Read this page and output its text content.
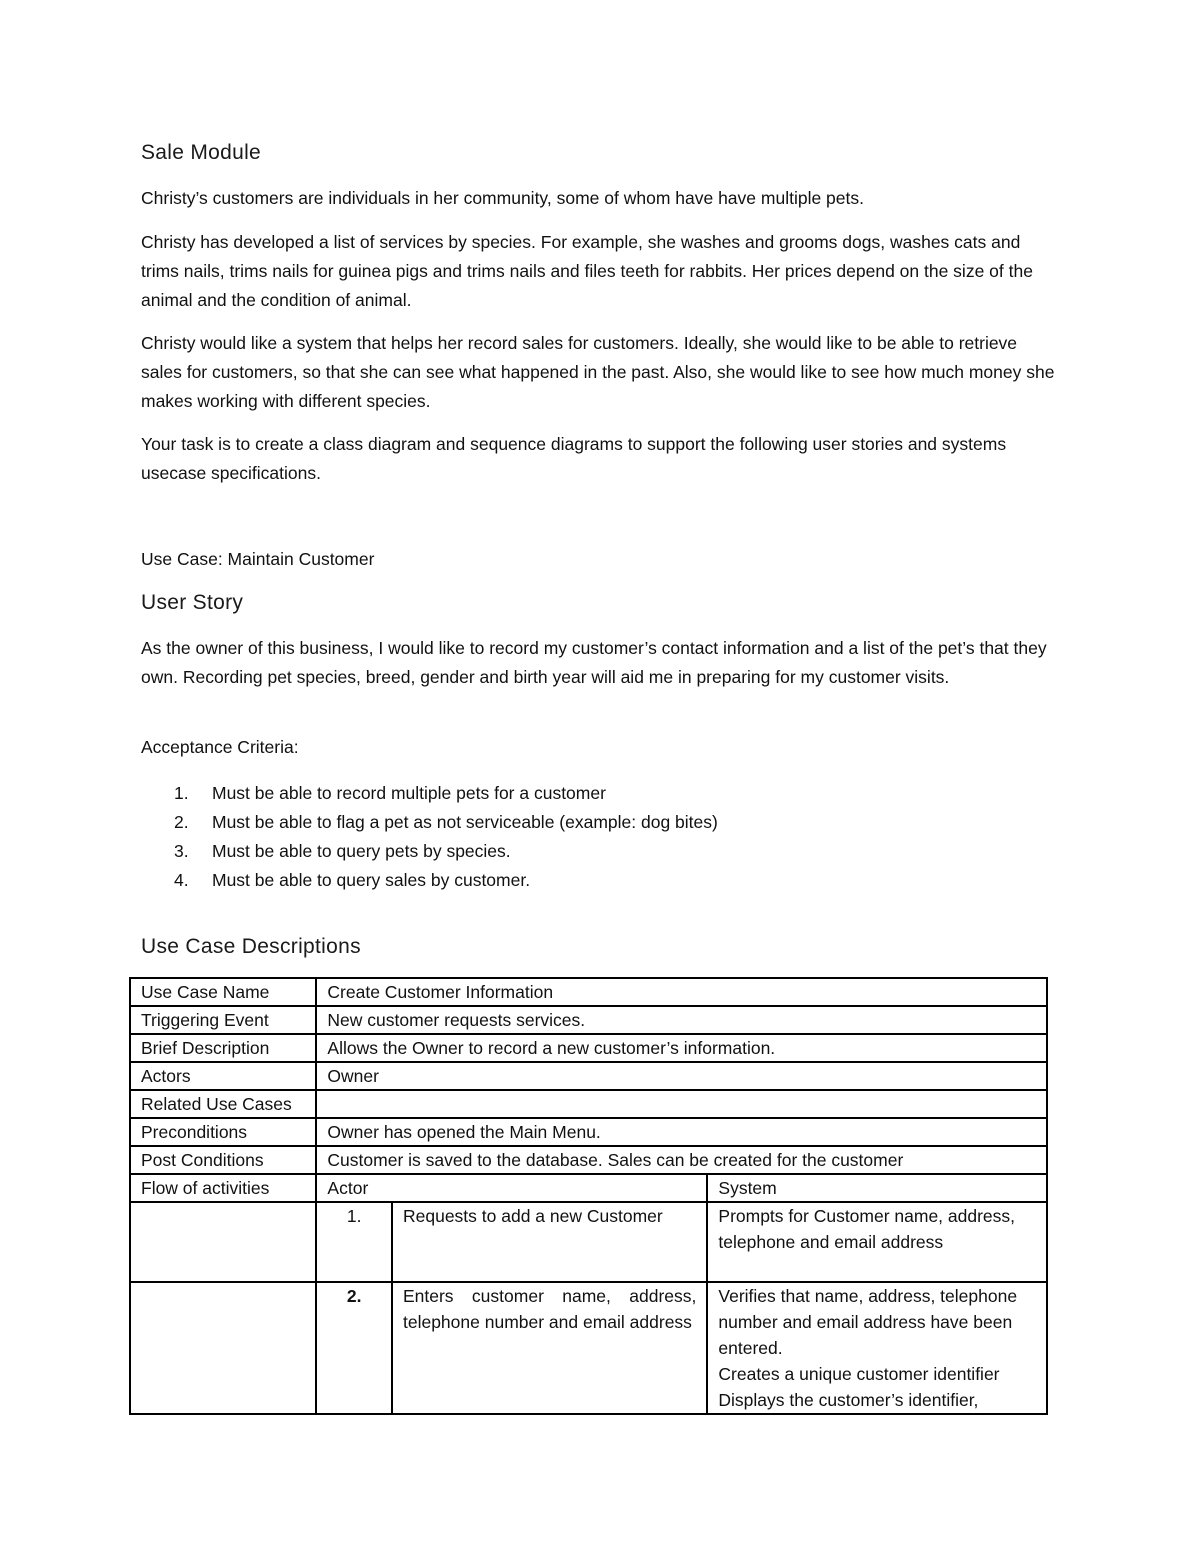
Sale Module
Christy’s customers are individuals in her community, some of whom have have multiple pets.
Christy has developed a list of services by species. For example, she washes and grooms dogs, washes cats and trims nails, trims nails for guinea pigs and trims nails and files teeth for rabbits. Her prices depend on the size of the animal and the condition of animal.
Christy would like a system that helps her record sales for customers. Ideally, she would like to be able to retrieve sales for customers, so that she can see what happened in the past. Also, she would like to see how much money she makes working with different species.
Your task is to create a class diagram and sequence diagrams to support the following user stories and systems usecase specifications.
Use Case: Maintain Customer
User Story
As the owner of this business, I would like to record my customer’s contact information and a list of the pet’s that they own. Recording pet species, breed, gender and birth year will aid me in preparing for my customer visits.
Acceptance Criteria:
1. Must be able to record multiple pets for a customer
2. Must be able to flag a pet as not serviceable (example: dog bites)
3. Must be able to query pets by species.
4. Must be able to query sales by customer.
Use Case Descriptions
Use Case Name	Create Customer Information		
Triggering Event	New customer requests services.		
Brief Description	Allows the Owner to record a new customer’s information.		
Actors	Owner		
Related Use Cases			
Preconditions	Owner has opened the Main Menu.		
Post Conditions	Customer is saved to the database. Sales can be created for the customer		
Flow of activities	Actor		System
	1.	Requests to add a new Customer	Prompts for Customer name, address, telephone and email address
	2.	Enters customer name, address, telephone number and email address	Verifies that name, address, telephone number and email address have been entered.
Creates a unique customer identifier
Displays the customer’s identifier,
